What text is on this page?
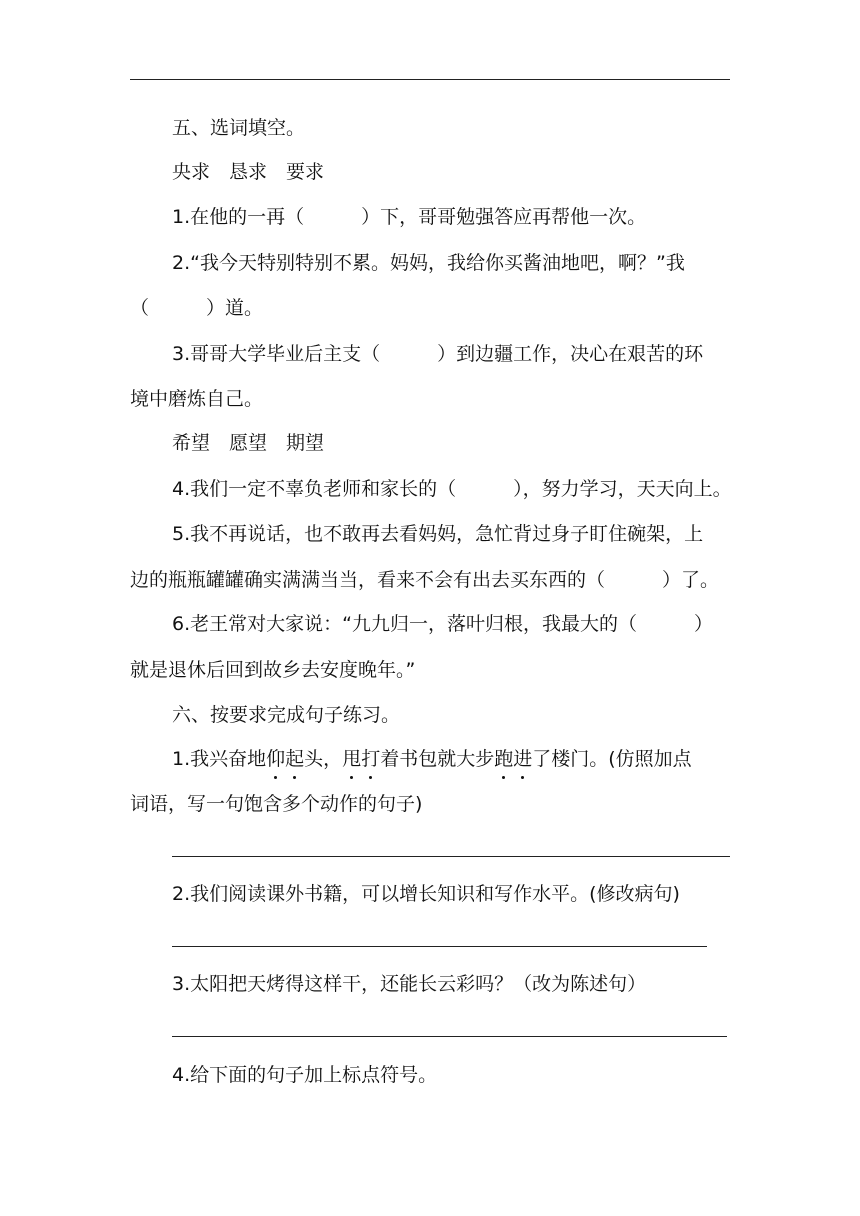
五、选词填空。
央求　恳求　要求
1.在他的一再（　　　）下，哥哥勉强答应再帮他一次。
2.“我今天特别特别不累。妈妈，我给你买酱油地吧，啊？”我
（　　　）道。
3.哥哥大学毕业后主支（　　　）到边疆工作，决心在艰苦的环
境中磨炼自己。
希望　愿望　期望
4.我们一定不辜负老师和家长的（　　　），努力学习，天天向上。
5.我不再说话，也不敢再去看妈妈，急忙背过身子盯住碗架，上
边的瓶瓶罐罐确实满满当当，看来不会有出去买东西的（　　　）了。
6.老王常对大家说：“九九归一，落叶归根，我最大的（　　　）
就是退休后回到故乡去安度晚年。”
六、按要求完成句子练习。
1.我兴奋地仰起头，甩打着书包就大步跑进了楼门。(仿照加点
词语，写一句饱含多个动作的句子)
2.我们阅读课外书籍，可以增长知识和写作水平。(修改病句)
3.太阳把天烤得这样干，还能长云彩吗？（改为陈述句）
4.给下面的句子加上标点符号。
